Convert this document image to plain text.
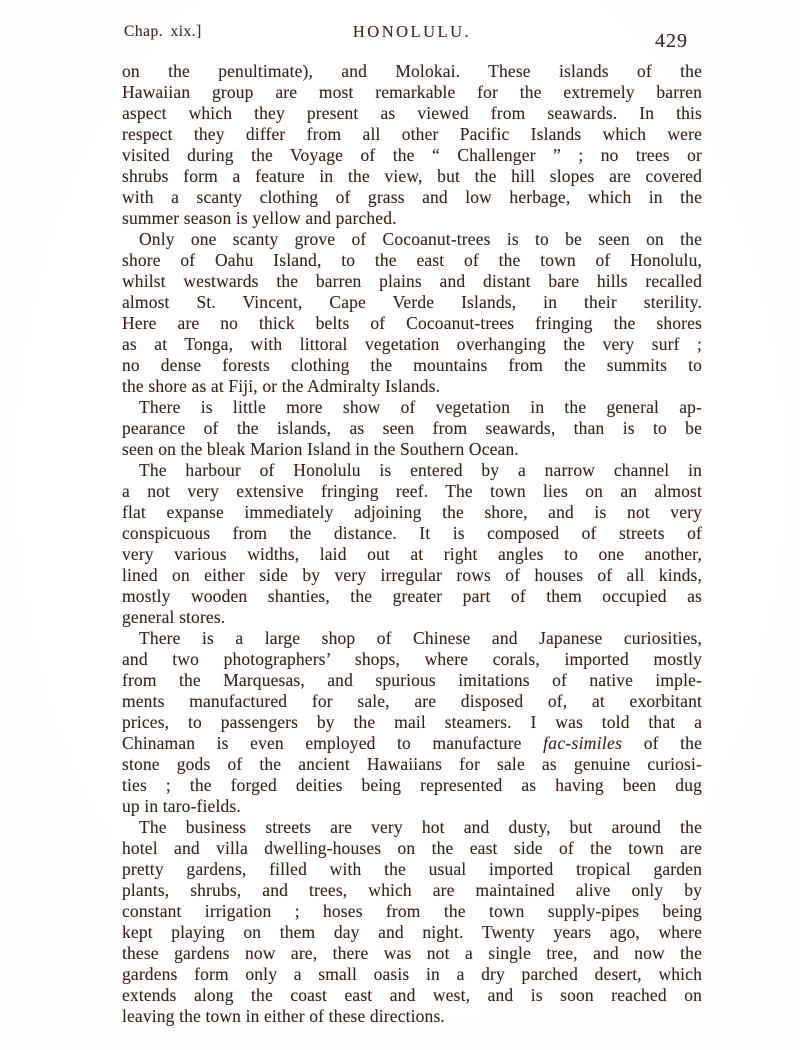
Chap. xix.]	HONOLULU.	429
on the penultimate), and Molokai. These islands of the
Hawaiian group are most remarkable for the extremely barren
aspect which they present as viewed from seawards. In this
respect they differ from all other Pacific Islands which were
visited during the Voyage of the “ Challenger ” ; no trees or
shrubs form a feature in the view, but the hill slopes are covered
with a scanty clothing of grass and low herbage, which in the
summer season is yellow and parched.
Only one scanty grove of Cocoanut-trees is to be seen on the
shore of Oahu Island, to the east of the town of Honolulu,
whilst westwards the barren plains and distant bare hills recalled
almost St. Vincent, Cape Verde Islands, in their sterility.
Here are no thick belts of Cocoanut-trees fringing the shores
as at Tonga, with littoral vegetation overhanging the very surf ;
no dense forests clothing the mountains from the summits to
the shore as at Fiji, or the Admiralty Islands.
There is little more show of vegetation in the general ap-
pearance of the islands, as seen from seawards, than is to be
seen on the bleak Marion Island in the Southern Ocean.
The harbour of Honolulu is entered by a narrow channel in
a not very extensive fringing reef. The town lies on an almost
flat expanse immediately adjoining the shore, and is not very
conspicuous from the distance. It is composed of streets of
very various widths, laid out at right angles to one another,
lined on either side by very irregular rows of houses of all kinds,
mostly wooden shanties, the greater part of them occupied as
general stores.
There is a large shop of Chinese and Japanese curiosities,
and two photographers’ shops, where corals, imported mostly
from the Marquesas, and spurious imitations of native imple-
ments manufactured for sale, are disposed of, at exorbitant
prices, to passengers by the mail steamers. I was told that a
Chinaman is even employed to manufacture fac-similes of the
stone gods of the ancient Hawaiians for sale as genuine curiosi-
ties ; the forged deities being represented as having been dug
up in taro-fields.
The business streets are very hot and dusty, but around the
hotel and villa dwelling-houses on the east side of the town are
pretty gardens, filled with the usual imported tropical garden
plants, shrubs, and trees, which are maintained alive only by
constant irrigation ; hoses from the town supply-pipes being
kept playing on them day and night. Twenty years ago, where
these gardens now are, there was not a single tree, and now the
gardens form only a small oasis in a dry parched desert, which
extends along the coast east and west, and is soon reached on
leaving the town in either of these directions.
